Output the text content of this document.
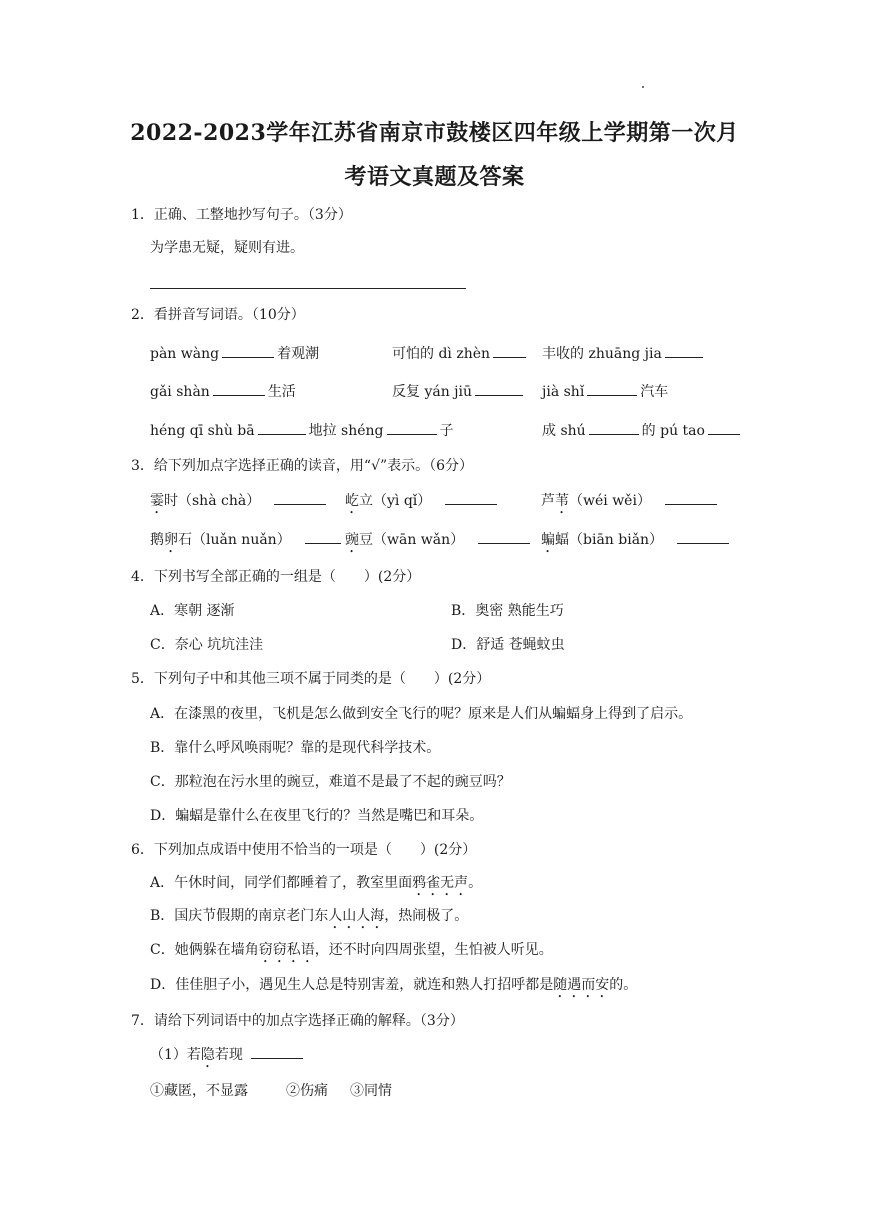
2022-2023学年江苏省南京市鼓楼区四年级上学期第一次月
考语文真题及答案
1．正确、工整地抄写句子。（3分）
为学患无疑，疑则有进。
2．看拼音写词语。（10分）
pàn wàng	着观潮	可怕的 dì zhèn	丰收的 zhuāng jia
gǎi shàn	生活	反复 yán jiū	jià shǐ	汽车
héng qī shù bā	地拉 shéng	子	成 shú	的 pú tao
3．给下列加点字选择正确的读音，用“√”表示。（6分）
霎时（shà chà）	屹立（yì qǐ）	芦苇（wéi wěi）
鹅卵石（luǎn nuǎn）	豌豆（wān wǎn）	蝙蝠（biān biǎn）
4．下列书写全部正确的一组是（　　）(2分）
A．寒朝 逐渐	B．奥密 熟能生巧
C．奈心 坑坑洼洼	D．舒适 苍蝇蚊虫
5．下列句子中和其他三项不属于同类的是（　　）(2分）
A．在漆黑的夜里，飞机是怎么做到安全飞行的呢？原来是人们从蝙蝠身上得到了启示。
B．靠什么呼风唤雨呢？靠的是现代科学技术。
C．那粒泡在污水里的豌豆，难道不是最了不起的豌豆吗？
D．蝙蝠是靠什么在夜里飞行的？当然是嘴巴和耳朵。
6．下列加点成语中使用不恰当的一项是（　　）(2分）
A．午休时间，同学们都睡着了，教室里面鸦雀无声。
B．国庆节假期的南京老门东人山人海，热闹极了。
C．她俩躲在墙角窃窃私语，还不时向四周张望，生怕被人听见。
D．佳佳胆子小，遇见生人总是特别害羞，就连和熟人打招呼都是随遇而安的。
7．请给下列词语中的加点字选择正确的解释。（3分）
（1）若隐若现
①藏匿，不显露	②伤痛 ③同情
